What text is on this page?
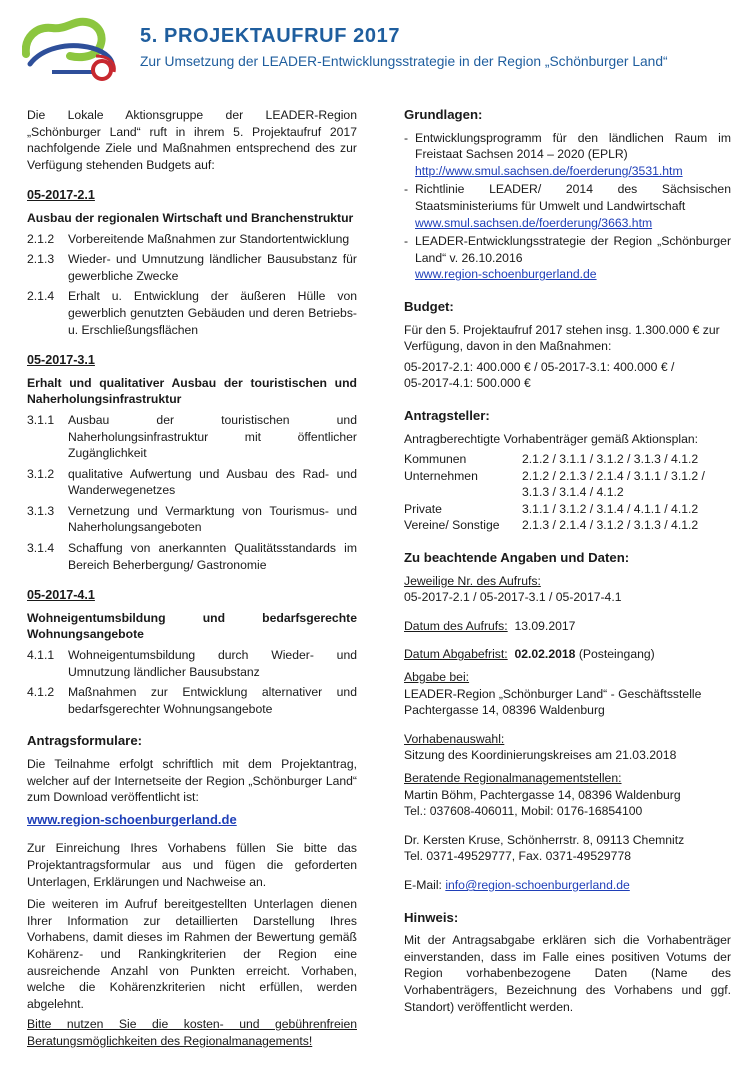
5. PROJEKTAUFRUF 2017
Zur Umsetzung der LEADER-Entwicklungsstrategie in der Region „Schönburger Land“

Die Lokale Aktionsgruppe der LEADER-Region „Schönburger Land“ ruft in ihrem 5. Projektaufruf 2017 nachfolgende Ziele und Maßnahmen entsprechend des zur Verfügung stehenden Budgets auf:

05-2017-2.1
Ausbau der regionalen Wirtschaft und Branchenstruktur
2.1.2	Vorbereitende Maßnahmen zur Standortentwicklung
2.1.3	Wieder- und Umnutzung ländlicher Bausubstanz für gewerbliche Zwecke
2.1.4	Erhalt u. Entwicklung der äußeren Hülle von gewerblich genutzten Gebäuden und deren Betriebs- u. Erschließungsflächen
05-2017-3.1
Erhalt und qualitativer Ausbau der touristischen und Naherholungsinfrastruktur
3.1.1	Ausbau der touristischen und Naherholungsinfrastruktur mit öffentlicher Zugänglichkeit
3.1.2	qualitative Aufwertung und Ausbau des Rad- und Wanderwegenetzes
3.1.3	Vernetzung und Vermarktung von Tourismus- und Naherholungsangeboten
3.1.4	Schaffung von anerkannten Qualitätsstandards im Bereich Beherbergung/ Gastronomie
05-2017-4.1
Wohneigentumsbildung und bedarfsgerechte Wohnungsangebote
4.1.1	Wohneigentumsbildung durch Wieder- und Umnutzung ländlicher Bausubstanz
4.1.2	Maßnahmen zur Entwicklung alternativer und bedarfsgerechter Wohnungsangebote
Antragsformulare:

Die Teilnahme erfolgt schriftlich mit dem Projektantrag, welcher auf der Internetseite der Region „Schönburger Land“ zum Download veröffentlicht ist:

www.region-schoenburgerland.de

Zur Einreichung Ihres Vorhabens füllen Sie bitte das Projektantragsformular aus und fügen die geforderten Unterlagen, Erklärungen und Nachweise an.

Die weiteren im Aufruf bereitgestellten Unterlagen dienen Ihrer Information zur detaillierten Darstellung Ihres Vorhabens, damit dieses im Rahmen der Bewertung gemäß Kohärenz- und Rankingkriterien der Region eine ausreichende Anzahl von Punkten erreicht. Vorhaben, welche die Kohärenzkriterien nicht erfüllen, werden abgelehnt.

Bitte nutzen Sie die kosten- und gebührenfreien Beratungsmöglichkeiten des Regionalmanagements!

Grundlagen:
- Entwicklungsprogramm für den ländlichen Raum im Freistaat Sachsen 2014 – 2020 (EPLR)
http://www.smul.sachsen.de/foerderung/3531.htm
- Richtlinie LEADER/ 2014 des Sächsischen Staatsministeriums für Umwelt und Landwirtschaft
www.smul.sachsen.de/foerderung/3663.htm
- LEADER-Entwicklungsstrategie der Region „Schönburger Land“ v. 26.10.2016
www.region-schoenburgerland.de
Budget:

Für den 5. Projektaufruf 2017 stehen insg. 1.300.000 € zur Verfügung, davon in den Maßnahmen:

05-2017-2.1: 400.000 € / 05-2017-3.1: 400.000 € /

05-2017-4.1: 500.000 €

Antragsteller:

Antragberechtigte Vorhabenträger gemäß Aktionsplan:

Kommunen	2.1.2 / 3.1.1 / 3.1.2 / 3.1.3 / 4.1.2
Unternehmen	2.1.2 / 2.1.3 / 2.1.4 / 3.1.1 / 3.1.2 / 3.1.3 / 3.1.4 / 4.1.2
Private	3.1.1 / 3.1.2 / 3.1.4 / 4.1.1 / 4.1.2
Vereine/ Sonstige	2.1.3 / 2.1.4 / 3.1.2 / 3.1.3 / 4.1.2
Zu beachtende Angaben und Daten:

Jeweilige Nr. des Aufrufs:

05-2017-2.1 / 05-2017-3.1 / 05-2017-4.1

Datum des Aufrufs: 13.09.2017

Datum Abgabefrist: 02.02.2018 (Posteingang)

Abgabe bei:

LEADER-Region „Schönburger Land“ - Geschäftsstelle

Pachtergasse 14, 08396 Waldenburg

Vorhabenauswahl:

Sitzung des Koordinierungskreises am 21.03.2018

Beratende Regionalmanagementstellen:

Martin Böhm, Pachtergasse 14, 08396 Waldenburg

Tel.: 037608-406011, Mobil: 0176-16854100

Dr. Kersten Kruse, Schönherrstr. 8, 09113 Chemnitz

Tel. 0371-49529777, Fax. 0371-49529778

E-Mail: info@region-schoenburgerland.de

Hinweis:

Mit der Antragsabgabe erklären sich die Vorhabenträger einverstanden, dass im Falle eines positiven Votums der Region vorhabenbezogene Daten (Name des Vorhabenträgers, Bezeichnung des Vorhabens und ggf. Standort) veröffentlicht werden.
